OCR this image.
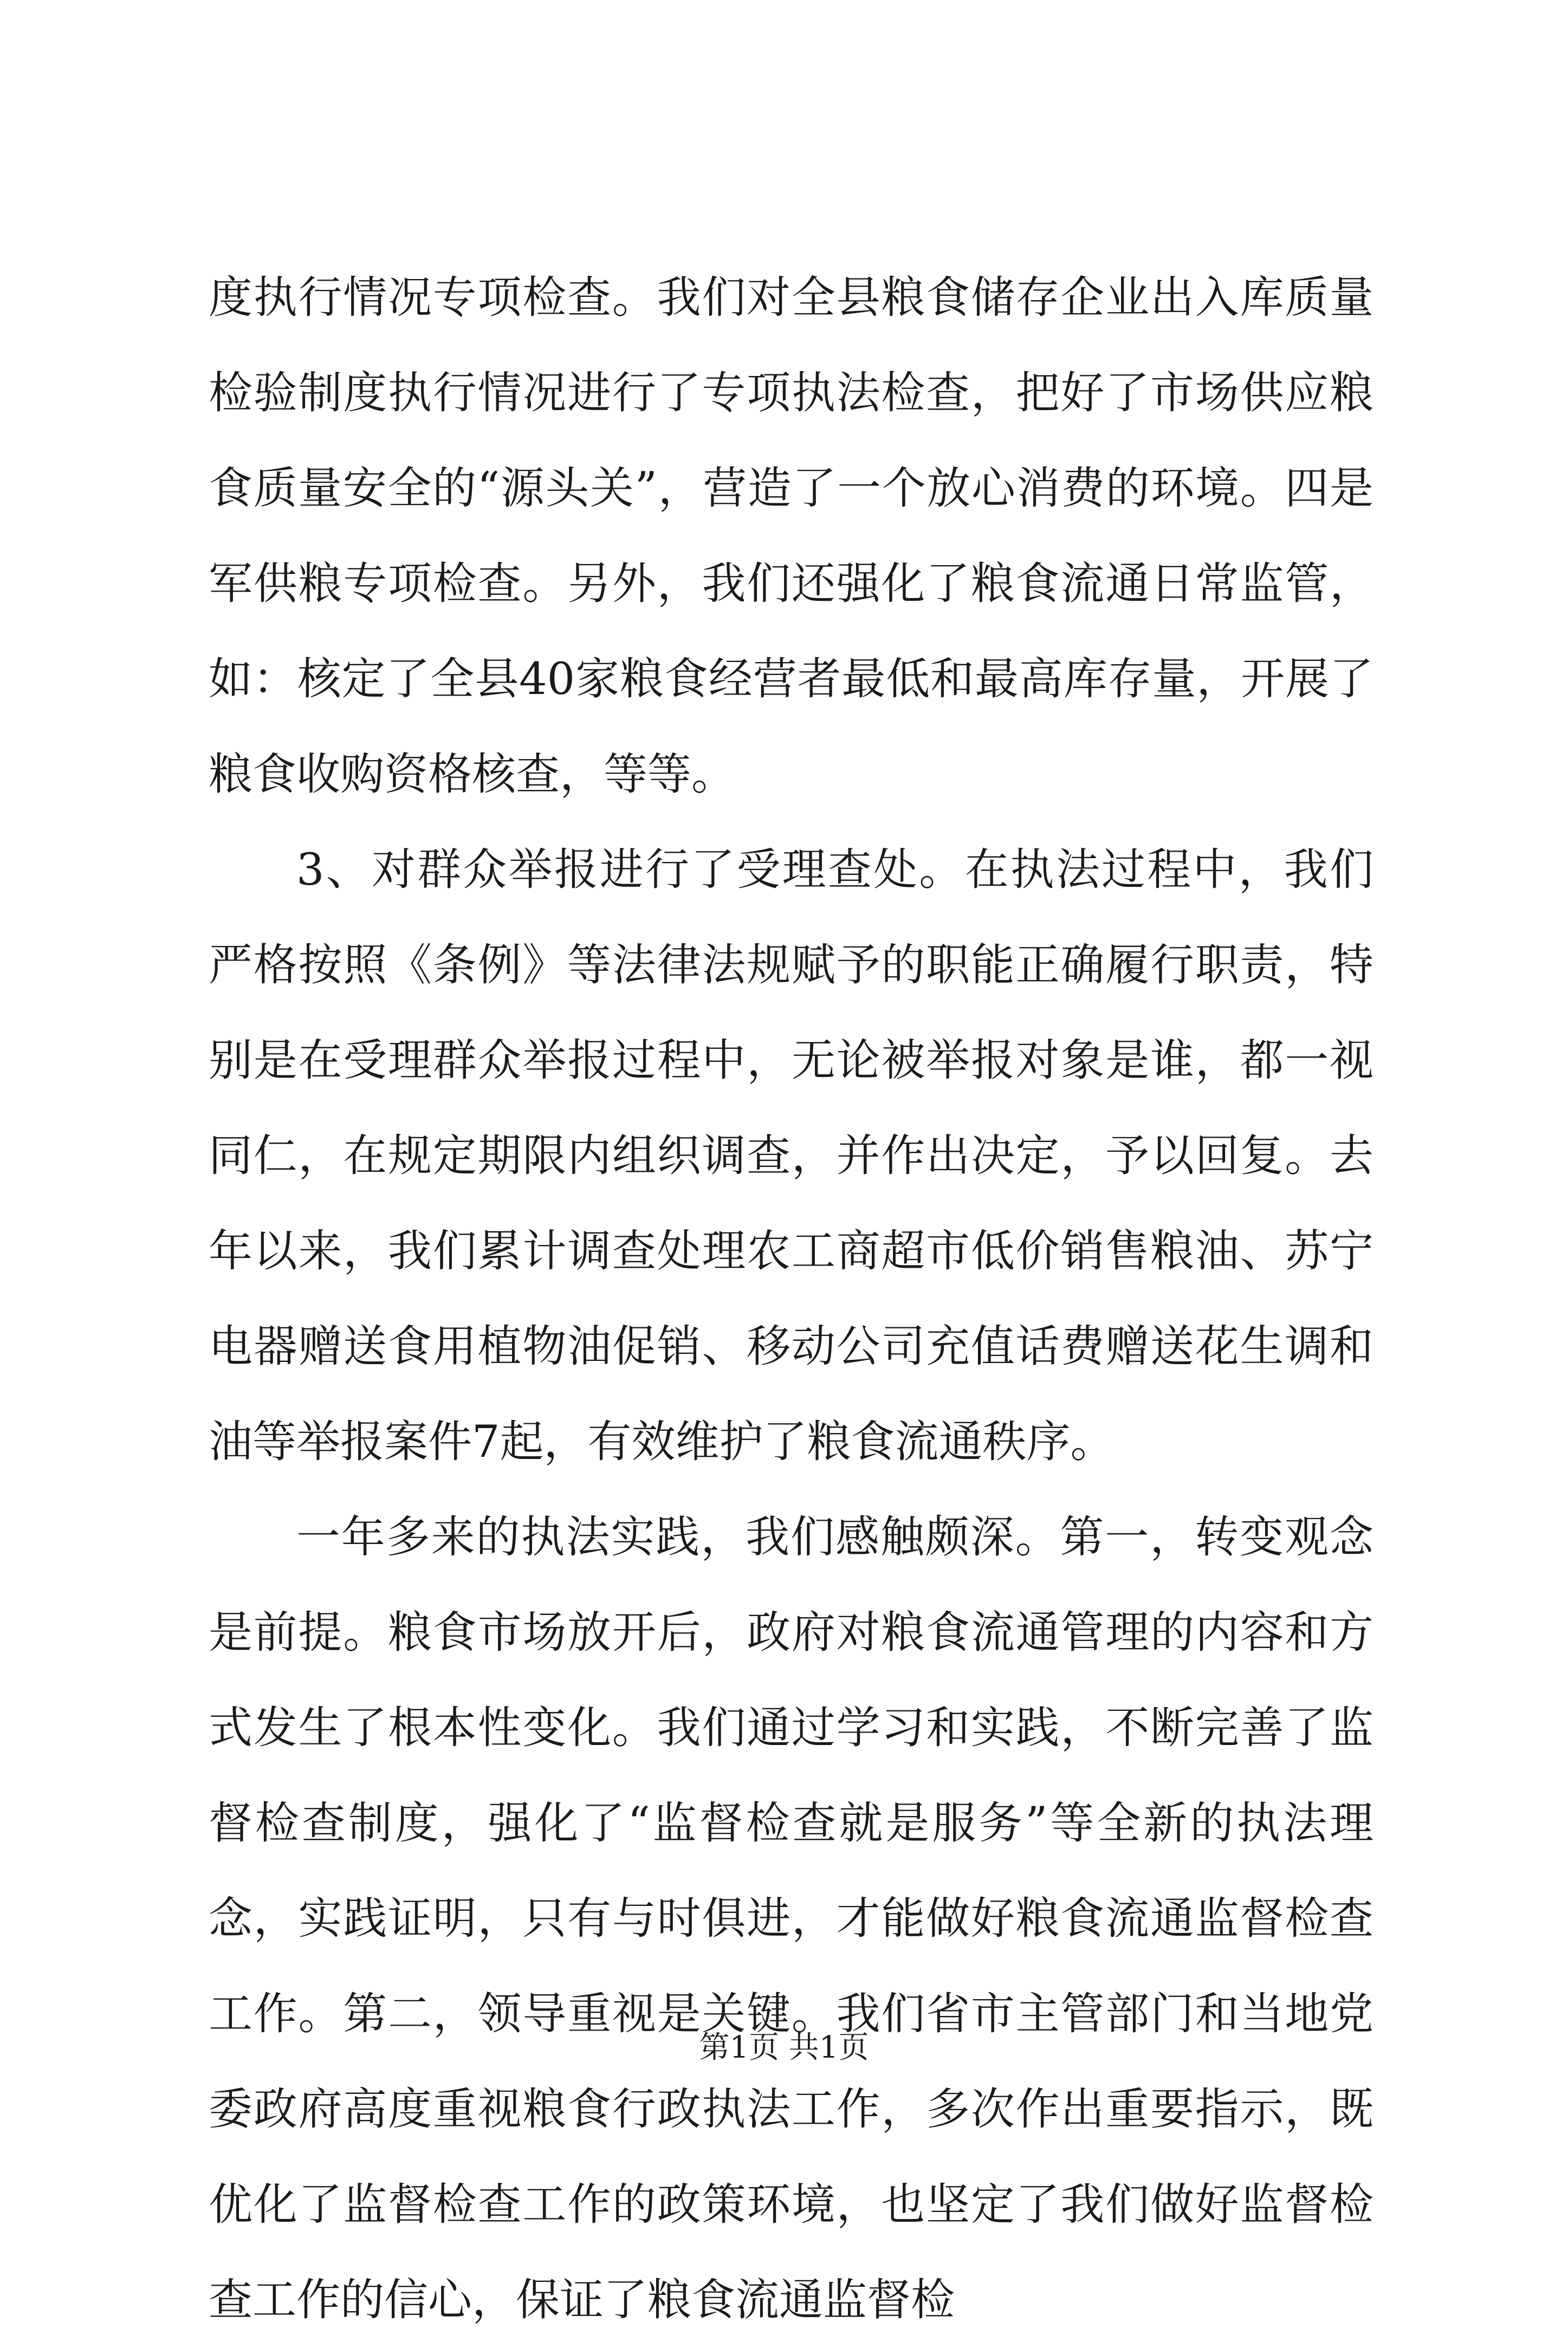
度执行情况专项检查。我们对全县粮食储存企业出入库质量检验制度执行情况进行了专项执法检查，把好了市场供应粮食质量安全的“源头关”，营造了一个放心消费的环境。四是军供粮专项检查。另外，我们还强化了粮食流通日常监管，如：核定了全县40家粮食经营者最低和最高库存量，开展了粮食收购资格核查，等等。

3、对群众举报进行了受理查处。在执法过程中，我们严格按照《条例》等法律法规赋予的职能正确履行职责，特别是在受理群众举报过程中，无论被举报对象是谁，都一视同仁，在规定期限内组织调查，并作出决定，予以回复。去年以来，我们累计调查处理农工商超市低价销售粮油、苏宁电器赠送食用植物油促销、移动公司充值话费赠送花生调和油等举报案件7起，有效维护了粮食流通秩序。

一年多来的执法实践，我们感触颇深。第一，转变观念是前提。粮食市场放开后，政府对粮食流通管理的内容和方式发生了根本性变化。我们通过学习和实践，不断完善了监督检查制度，强化了“监督检查就是服务”等全新的执法理念，实践证明，只有与时俱进，才能做好粮食流通监督检查工作。第二，领导重视是关键。我们省市主管部门和当地党委政府高度重视粮食行政执法工作，多次作出重要指示，既优化了监督检查工作的政策环境，也坚定了我们做好监督检查工作的信心，保证了粮食流通监督检

第1页 共1页
